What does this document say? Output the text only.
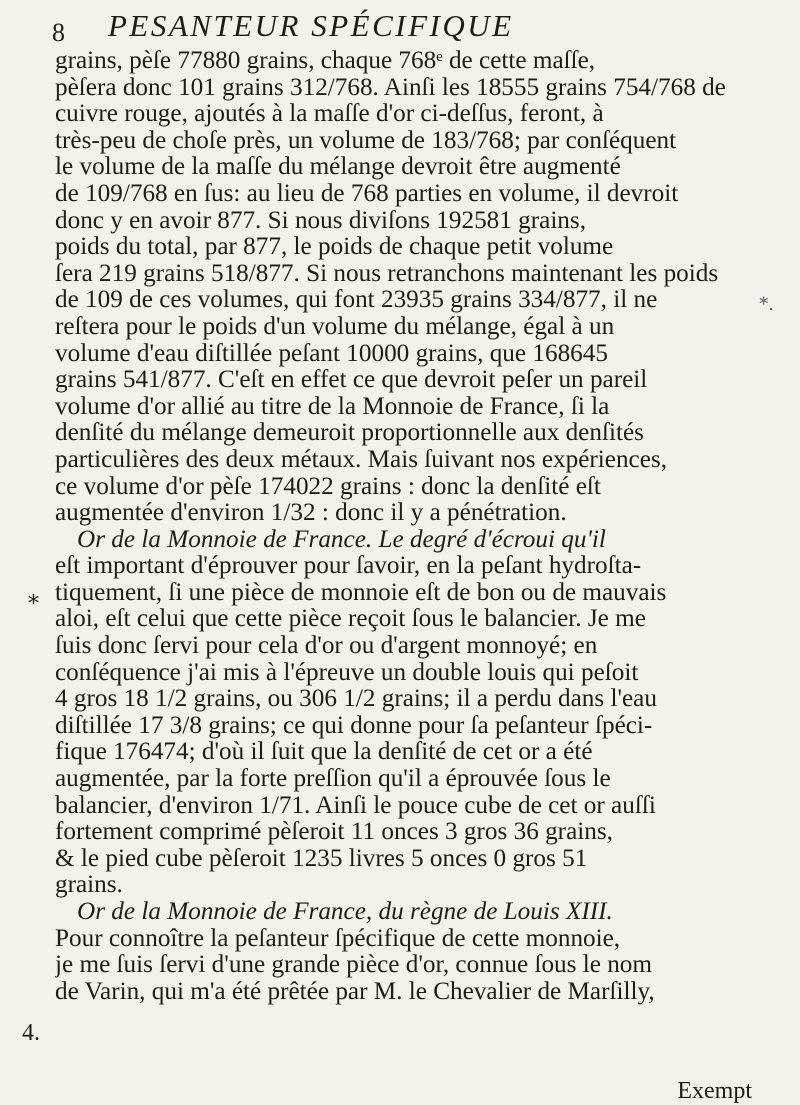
8 PESANTEUR SPÉCIFIQUE
*
4.
*.
grains, pèſe 77880 grains, chaque 768ᵉ de cette maſſe,
pèſera donc 101 grains 312/768. Ainſi les 18555 grains 754/768 de
cuivre rouge, ajoutés à la maſſe d'or ci-deſſus, feront, à
très-peu de choſe près, un volume de 183/768; par conſéquent
le volume de la maſſe du mélange devroit être augmenté
de 109/768 en ſus: au lieu de 768 parties en volume, il devroit
donc y en avoir 877. Si nous diviſons 192581 grains,
poids du total, par 877, le poids de chaque petit volume
ſera 219 grains 518/877. Si nous retranchons maintenant les poids
de 109 de ces volumes, qui font 23935 grains 334/877, il ne
reſtera pour le poids d'un volume du mélange, égal à un
volume d'eau diſtillée peſant 10000 grains, que 168645
grains 541/877. C'eſt en effet ce que devroit peſer un pareil
volume d'or allié au titre de la Monnoie de France, ſi la
denſité du mélange demeuroit proportionnelle aux denſités
particulières des deux métaux. Mais ſuivant nos expériences,
ce volume d'or pèſe 174022 grains : donc la denſité eſt
augmentée d'environ 1/32 : donc il y a pénétration.
Or de la Monnoie de France. Le degré d'écroui qu'il
eſt important d'éprouver pour ſavoir, en la peſant hydroſta-
tiquement, ſi une pièce de monnoie eſt de bon ou de mauvais
aloi, eſt celui que cette pièce reçoit ſous le balancier. Je me
ſuis donc ſervi pour cela d'or ou d'argent monnoyé; en
conſéquence j'ai mis à l'épreuve un double louis qui peſoit
4 gros 18 1/2 grains, ou 306 1/2 grains; il a perdu dans l'eau
diſtillée 17 3/8 grains; ce qui donne pour ſa peſanteur ſpéci-
fique 176474; d'où il ſuit que la denſité de cet or a été
augmentée, par la forte preſſion qu'il a éprouvée ſous le
balancier, d'environ 1/71. Ainſi le pouce cube de cet or auſſi
fortement comprimé pèſeroit 11 onces 3 gros 36 grains,
& le pied cube pèſeroit 1235 livres 5 onces 0 gros 51
grains.
Or de la Monnoie de France, du règne de Louis XIII.
Pour connoître la peſanteur ſpécifique de cette monnoie,
je me ſuis ſervi d'une grande pièce d'or, connue ſous le nom
de Varin, qui m'a été prêtée par M. le Chevalier de Marſilly,
Exempt
